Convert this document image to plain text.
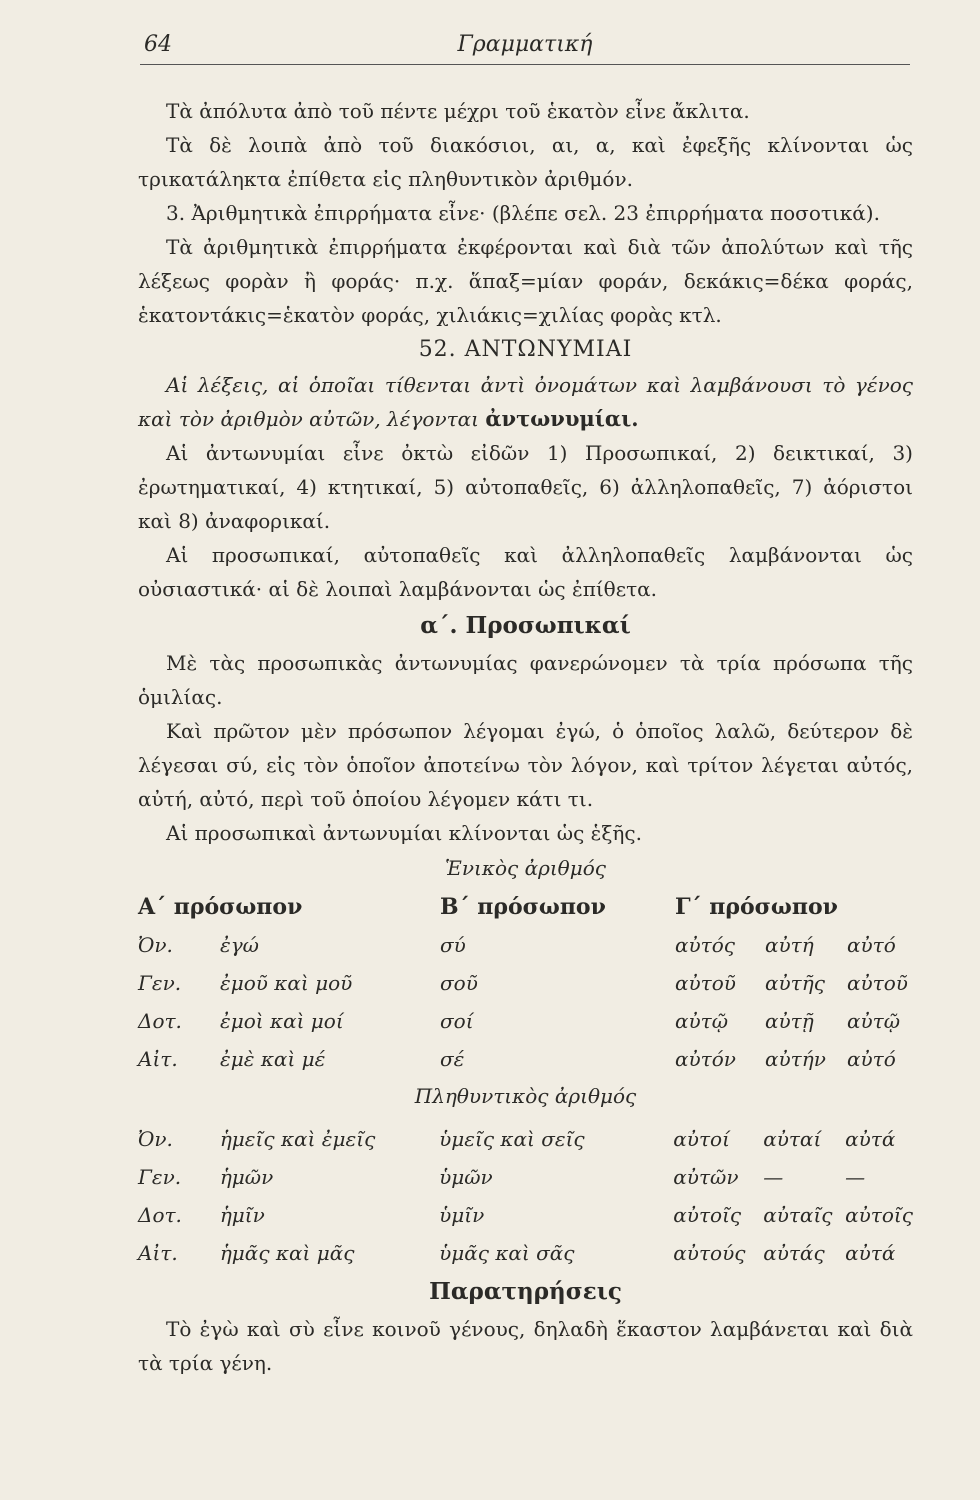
64	Γραμματική

Τὰ ἀπόλυτα ἀπὸ τοῦ πέντε μέχρι τοῦ ἑκατὸν εἶνε ἄκλιτα.

Τὰ δὲ λοιπὰ ἀπὸ τοῦ διακόσιοι, αι, α, καὶ ἐφεξῆς κλίνονται ὡς τρικατάληκτα ἐπίθετα εἰς πληθυντικὸν ἀριθμόν.

3. Ἀριθμητικὰ ἐπιρρήματα εἶνε· (βλέπε σελ. 23 ἐπιρρήματα ποσοτικά).

Τὰ ἀριθμητικὰ ἐπιρρήματα ἐκφέρονται καὶ διὰ τῶν ἀπολύτων καὶ τῆς λέξεως φορὰν ἢ φοράς· π.χ. ἅπαξ=μίαν φοράν, δεκάκις=δέκα φοράς, ἑκατοντάκις=ἑκατὸν φοράς, χιλιάκις=χιλίας φορὰς κτλ.

52. ΑΝΤΩΝΥΜΙΑΙ

Αἱ λέξεις, αἱ ὁποῖαι τίθενται ἀντὶ ὀνομάτων καὶ λαμβάνουσι τὸ γένος καὶ τὸν ἀριθμὸν αὐτῶν, λέγονται ἀντωνυμίαι.

Αἱ ἀντωνυμίαι εἶνε ὀκτὼ εἰδῶν 1) Προσωπικαί, 2) δεικτικαί, 3) ἐρωτηματικαί, 4) κτητικαί, 5) αὐτοπαθεῖς, 6) ἀλληλοπαθεῖς, 7) ἀόριστοι καὶ 8) ἀναφορικαί.

Αἱ προσωπικαί, αὐτοπαθεῖς καὶ ἀλληλοπαθεῖς λαμβάνονται ὡς οὐσιαστικά· αἱ δὲ λοιπαὶ λαμβάνονται ὡς ἐπίθετα.

α΄. Προσωπικαί

Μὲ τὰς προσωπικὰς ἀντωνυμίας φανερώνομεν τὰ τρία πρόσωπα τῆς ὁμιλίας.

Καὶ πρῶτον μὲν πρόσωπον λέγομαι ἐγώ, ὁ ὁποῖος λαλῶ, δεύτερον δὲ λέγεσαι σύ, εἰς τὸν ὁποῖον ἀποτείνω τὸν λόγον, καὶ τρίτον λέγεται αὐτός, αὐτή, αὐτό, περὶ τοῦ ὁποίου λέγομεν κάτι τι.

Αἱ προσωπικαὶ ἀντωνυμίαι κλίνονται ὡς ἑξῆς.

Ἑνικὸς ἀριθμός

Α΄ πρόσωπον		Β΄ πρόσωπον	Γ΄ πρόσωπον		
Ὀν.	ἐγώ	σύ	αὐτός	αὐτή	αὐτό
Γεν.	ἐμοῦ καὶ μοῦ	σοῦ	αὐτοῦ	αὐτῆς	αὐτοῦ
Δοτ.	ἐμοὶ καὶ μοί	σοί	αὐτῷ	αὐτῇ	αὐτῷ
Αἰτ.	ἐμὲ καὶ μέ	σέ	αὐτόν	αὐτήν	αὐτό

Πληθυντικὸς ἀριθμός

Ὀν.	ἡμεῖς καὶ ἐμεῖς	ὑμεῖς καὶ σεῖς	αὐτοί	αὐταί	αὐτά
Γεν.	ἡμῶν	ὑμῶν	αὐτῶν	—	—
Δοτ.	ἡμῖν	ὑμῖν	αὐτοῖς	αὐταῖς	αὐτοῖς
Αἰτ.	ἡμᾶς καὶ μᾶς	ὑμᾶς καὶ σᾶς	αὐτούς	αὐτάς	αὐτά

Παρατηρήσεις

Τὸ ἐγὼ καὶ σὺ εἶνε κοινοῦ γένους, δηλαδὴ ἕκαστον λαμβάνεται καὶ διὰ τὰ τρία γένη.
